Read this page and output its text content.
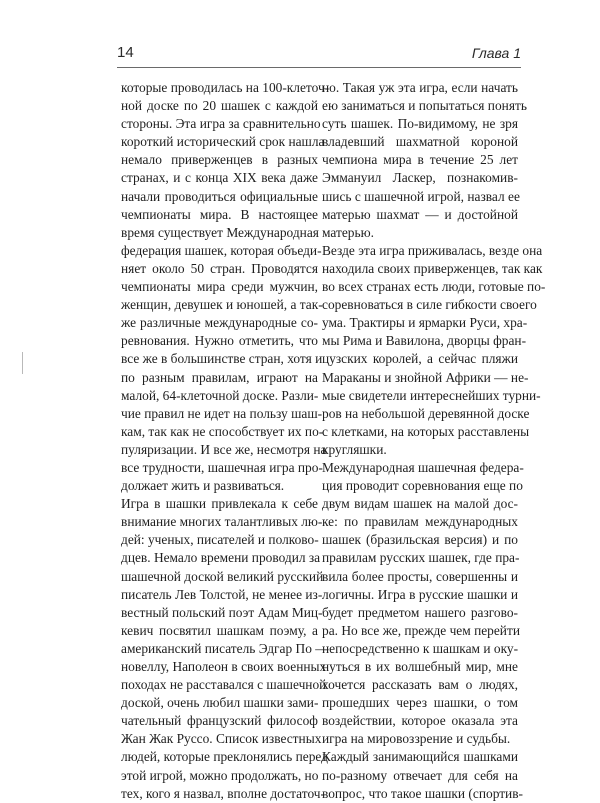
14	Глава 1

которые проводилась на 100-клеточ-
ной доске по 20 шашек с каждой
стороны. Эта игра за сравнительно
короткий исторический срок нашла
немало приверженцев в разных
странах, и с конца XIX века даже
начали проводиться официальные
чемпионаты мира. В настоящее
время существует Международная
федерация шашек, которая объеди-
няет около 50 стран. Проводятся
чемпионаты мира среди мужчин,
женщин, девушек и юношей, а так-
же различные международные со-
ревнования. Нужно отметить, что
все же в большинстве стран, хотя и
по разным правилам, играют на
малой, 64-клеточной доске. Разли-
чие правил не идет на пользу шаш-
кам, так как не способствует их по-
пуляризации. И все же, несмотря на
все трудности, шашечная игра про-
должает жить и развиваться.

Игра в шашки привлекала к себе
внимание многих талантливых лю-
дей: ученых, писателей и полково-
дцев. Немало времени проводил за
шашечной доской великий русский
писатель Лев Толстой, не менее из-
вестный польский поэт Адам Миц-
кевич посвятил шашкам поэму, а
американский писатель Эдгар По —
новеллу, Наполеон в своих военных
походах не расставался с шашечной
доской, очень любил шашки зами-
чательный французский философ
Жан Жак Руссо. Список известных
людей, которые преклонялись перед
этой игрой, можно продолжать, но
тех, кого я назвал, вполне достаточ-

но. Такая уж эта игра, если начать
ею заниматься и попытаться понять
суть шашек. По-видимому, не зря
владевший шахматной короной
чемпиона мира в течение 25 лет
Эммануил Ласкер, познакомив-
шись с шашечной игрой, назвал ее
матерью шахмат — и достойной
матерью.

Везде эта игра приживалась, везде она
находила своих приверженцев, так как
во всех странах есть люди, готовые по-
соревноваться в силе гибкости своего
ума. Трактиры и ярмарки Руси, хра-
мы Рима и Вавилона, дворцы фран-
цузских королей, а сейчас пляжи
Мараканы и знойной Африки — не-
мые свидетели интереснейших турни-
ров на небольшой деревянной доске
с клетками, на которых расставлены
кругляшки.

Международная шашечная федера-
ция проводит соревнования еще по
двум видам шашек на малой дос-
ке: по правилам международных
шашек (бразильская версия) и по
правилам русских шашек, где пра-
вила более просты, совершенны и
логичны. Игра в русские шашки и
будет предметом нашего разгово-
ра. Но все же, прежде чем перейти
непосредственно к шашкам и оку-
нуться в их волшебный мир, мне
хочется рассказать вам о людях,
прошедших через шашки, о том
воздействии, которое оказала эта
игра на мировоззрение и судьбы.

Каждый занимающийся шашками
по-разному отвечает для себя на
вопрос, что такое шашки (спортив-
